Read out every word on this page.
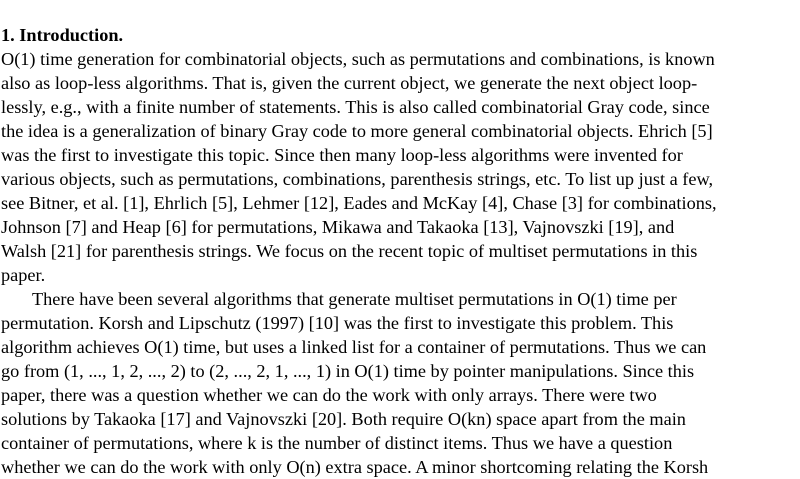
1. Introduction.
O(1) time generation for combinatorial objects, such as permutations and combinations, is known
also as loop-less algorithms. That is, given the current object, we generate the next object loop-
lessly, e.g., with a finite number of statements. This is also called combinatorial Gray code, since
the idea is a generalization of binary Gray code to more general combinatorial objects. Ehrich [5]
was the first to investigate this topic. Since then many loop-less algorithms were invented for
various objects, such as permutations, combinations, parenthesis strings, etc. To list up just a few,
see Bitner, et al. [1], Ehrlich [5], Lehmer [12], Eades and McKay [4], Chase [3] for combinations,
Johnson [7] and Heap [6] for permutations, Mikawa and Takaoka [13], Vajnovszki [19], and
Walsh [21] for parenthesis strings. We focus on the recent topic of multiset permutations in this
paper.
There have been several algorithms that generate multiset permutations in O(1) time per
permutation. Korsh and Lipschutz (1997) [10] was the first to investigate this problem. This
algorithm achieves O(1) time, but uses a linked list for a container of permutations. Thus we can
go from (1, ..., 1, 2, ..., 2) to (2, ..., 2, 1, ..., 1) in O(1) time by pointer manipulations. Since this
paper, there was a question whether we can do the work with only arrays. There were two
solutions by Takaoka [17] and Vajnovszki [20]. Both require O(kn) space apart from the main
container of permutations, where k is the number of distinct items. Thus we have a question
whether we can do the work with only O(n) extra space. A minor shortcoming relating the Korsh
